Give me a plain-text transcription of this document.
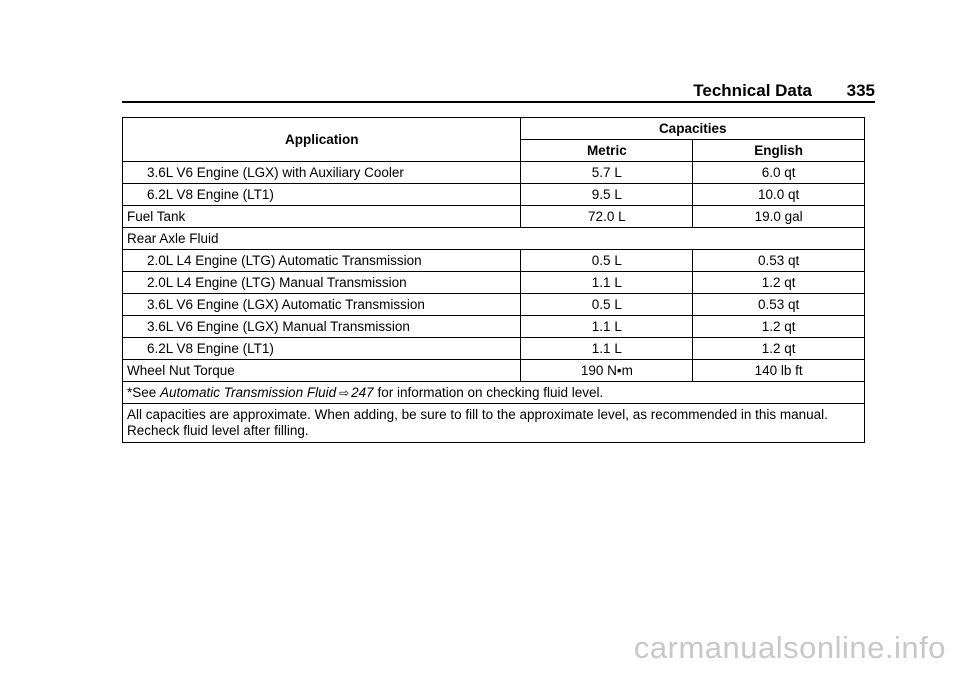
Technical Data 335
Application	Capacities	
	Metric	English
3.6L V6 Engine (LGX) with Auxiliary Cooler	5.7 L	6.0 qt
6.2L V8 Engine (LT1)	9.5 L	10.0 qt
Fuel Tank	72.0 L	19.0 gal
Rear Axle Fluid		
2.0L L4 Engine (LTG) Automatic Transmission	0.5 L	0.53 qt
2.0L L4 Engine (LTG) Manual Transmission	1.1 L	1.2 qt
3.6L V6 Engine (LGX) Automatic Transmission	0.5 L	0.53 qt
3.6L V6 Engine (LGX) Manual Transmission	1.1 L	1.2 qt
6.2L V8 Engine (LT1)	1.1 L	1.2 qt
Wheel Nut Torque	190 N•m	140 lb ft
*See Automatic Transmission Fluid ⇨ 247 for information on checking fluid level.		
All capacities are approximate. When adding, be sure to fill to the approximate level, as recommended in this manual. Recheck fluid level after filling.		
carmanualsonline.info
